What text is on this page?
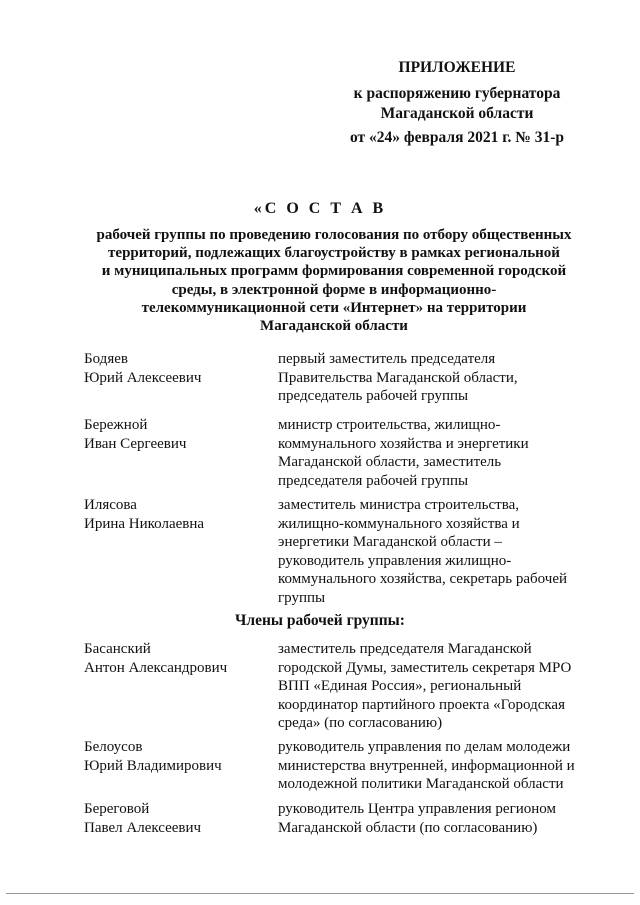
ПРИЛОЖЕНИЕ
к распоряжению губернатора
Магаданской области
от «24» февраля 2021 г. № 31-р
«С О С Т А В
рабочей группы по проведению голосования по отбору общественных
территорий, подлежащих благоустройству в рамках региональной
и муниципальных программ формирования современной городской
среды, в электронной форме в информационно-
телекоммуникационной сети «Интернет» на территории
Магаданской области
Бодяев
Юрий Алексеевич
первый заместитель председателя
Правительства Магаданской области,
председатель рабочей группы
Бережной
Иван Сергеевич
министр строительства, жилищно-
коммунального хозяйства и энергетики
Магаданской области, заместитель
председателя рабочей группы
Илясова
Ирина Николаевна
заместитель министра строительства,
жилищно-коммунального хозяйства и
энергетики Магаданской области –
руководитель управления жилищно-
коммунального хозяйства, секретарь рабочей
группы
Члены рабочей группы:
Басанский
Антон Александрович
заместитель председателя Магаданской
городской Думы, заместитель секретаря МРО
ВПП «Единая Россия», региональный
координатор партийного проекта «Городская
среда» (по согласованию)
Белоусов
Юрий Владимирович
руководитель управления по делам молодежи
министерства внутренней, информационной и
молодежной политики Магаданской области
Береговой
Павел Алексеевич
руководитель Центра управления регионом
Магаданской области (по согласованию)
